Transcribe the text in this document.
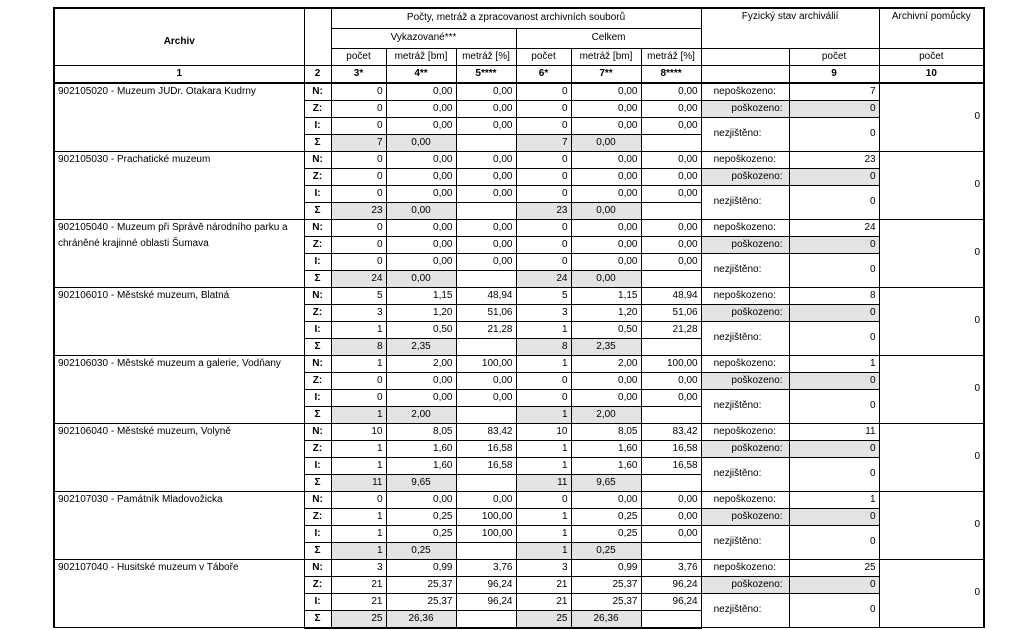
Archiv		Počty, metráž a zpracovanost archivních souborů						Fyzický stav archiválií		Archivní pomůcky
		Vykazované***			Celkem					
		počet	metráž [bm]	metráž [%]	počet	metráž [bm]	metráž [%]		počet	počet
1	2	3*	4**	5****	6*	7**	8****		9	10
902105020 - Muzeum JUDr. Otakara Kudrny	N:	0	0,00	0,00	0	0,00	0,00	nepoškozeno:	7	0
	Z:	0	0,00	0,00	0	0,00	0,00	poškozeno:	0	
	I:	0	0,00	0,00	0	0,00	0,00	nezjištěno:	0	
	Σ	7	0,00		7	0,00				
902105030 - Prachatické muzeum	N:	0	0,00	0,00	0	0,00	0,00	nepoškozeno:	23	0
	Z:	0	0,00	0,00	0	0,00	0,00	poškozeno:	0	
	I:	0	0,00	0,00	0	0,00	0,00	nezjištěno:	0	
	Σ	23	0,00		23	0,00				
902105040 - Muzeum při Správě národního parku a chráněné krajinné oblasti Šumava	N:	0	0,00	0,00	0	0,00	0,00	nepoškozeno:	24	0
	Z:	0	0,00	0,00	0	0,00	0,00	poškozeno:	0	
	I:	0	0,00	0,00	0	0,00	0,00	nezjištěno:	0	
	Σ	24	0,00		24	0,00				
902106010 - Městské muzeum, Blatná	N:	5	1,15	48,94	5	1,15	48,94	nepoškozeno:	8	0
	Z:	3	1,20	51,06	3	1,20	51,06	poškozeno:	0	
	I:	1	0,50	21,28	1	0,50	21,28	nezjištěno:	0	
	Σ	8	2,35		8	2,35				
902106030 - Městské muzeum a galerie, Vodňany	N:	1	2,00	100,00	1	2,00	100,00	nepoškozeno:	1	0
	Z:	0	0,00	0,00	0	0,00	0,00	poškozeno:	0	
	I:	0	0,00	0,00	0	0,00	0,00	nezjištěno:	0	
	Σ	1	2,00		1	2,00				
902106040 - Městské muzeum, Volyně	N:	10	8,05	83,42	10	8,05	83,42	nepoškozeno:	11	0
	Z:	1	1,60	16,58	1	1,60	16,58	poškozeno:	0	
	I:	1	1,60	16,58	1	1,60	16,58	nezjištěno:	0	
	Σ	11	9,65		11	9,65				
902107030 - Památník Mladovožicka	N:	0	0,00	0,00	0	0,00	0,00	nepoškozeno:	1	0
	Z:	1	0,25	100,00	1	0,25	0,00	poškozeno:	0	
	I:	1	0,25	100,00	1	0,25	0,00	nezjištěno:	0	
	Σ	1	0,25		1	0,25				
902107040 - Husitské muzeum v Táboře	N:	3	0,99	3,76	3	0,99	3,76	nepoškozeno:	25	0
	Z:	21	25,37	96,24	21	25,37	96,24	poškozeno:	0	
	I:	21	25,37	96,24	21	25,37	96,24	nezjištěno:	0	
	Σ	25	26,36		25	26,36				
